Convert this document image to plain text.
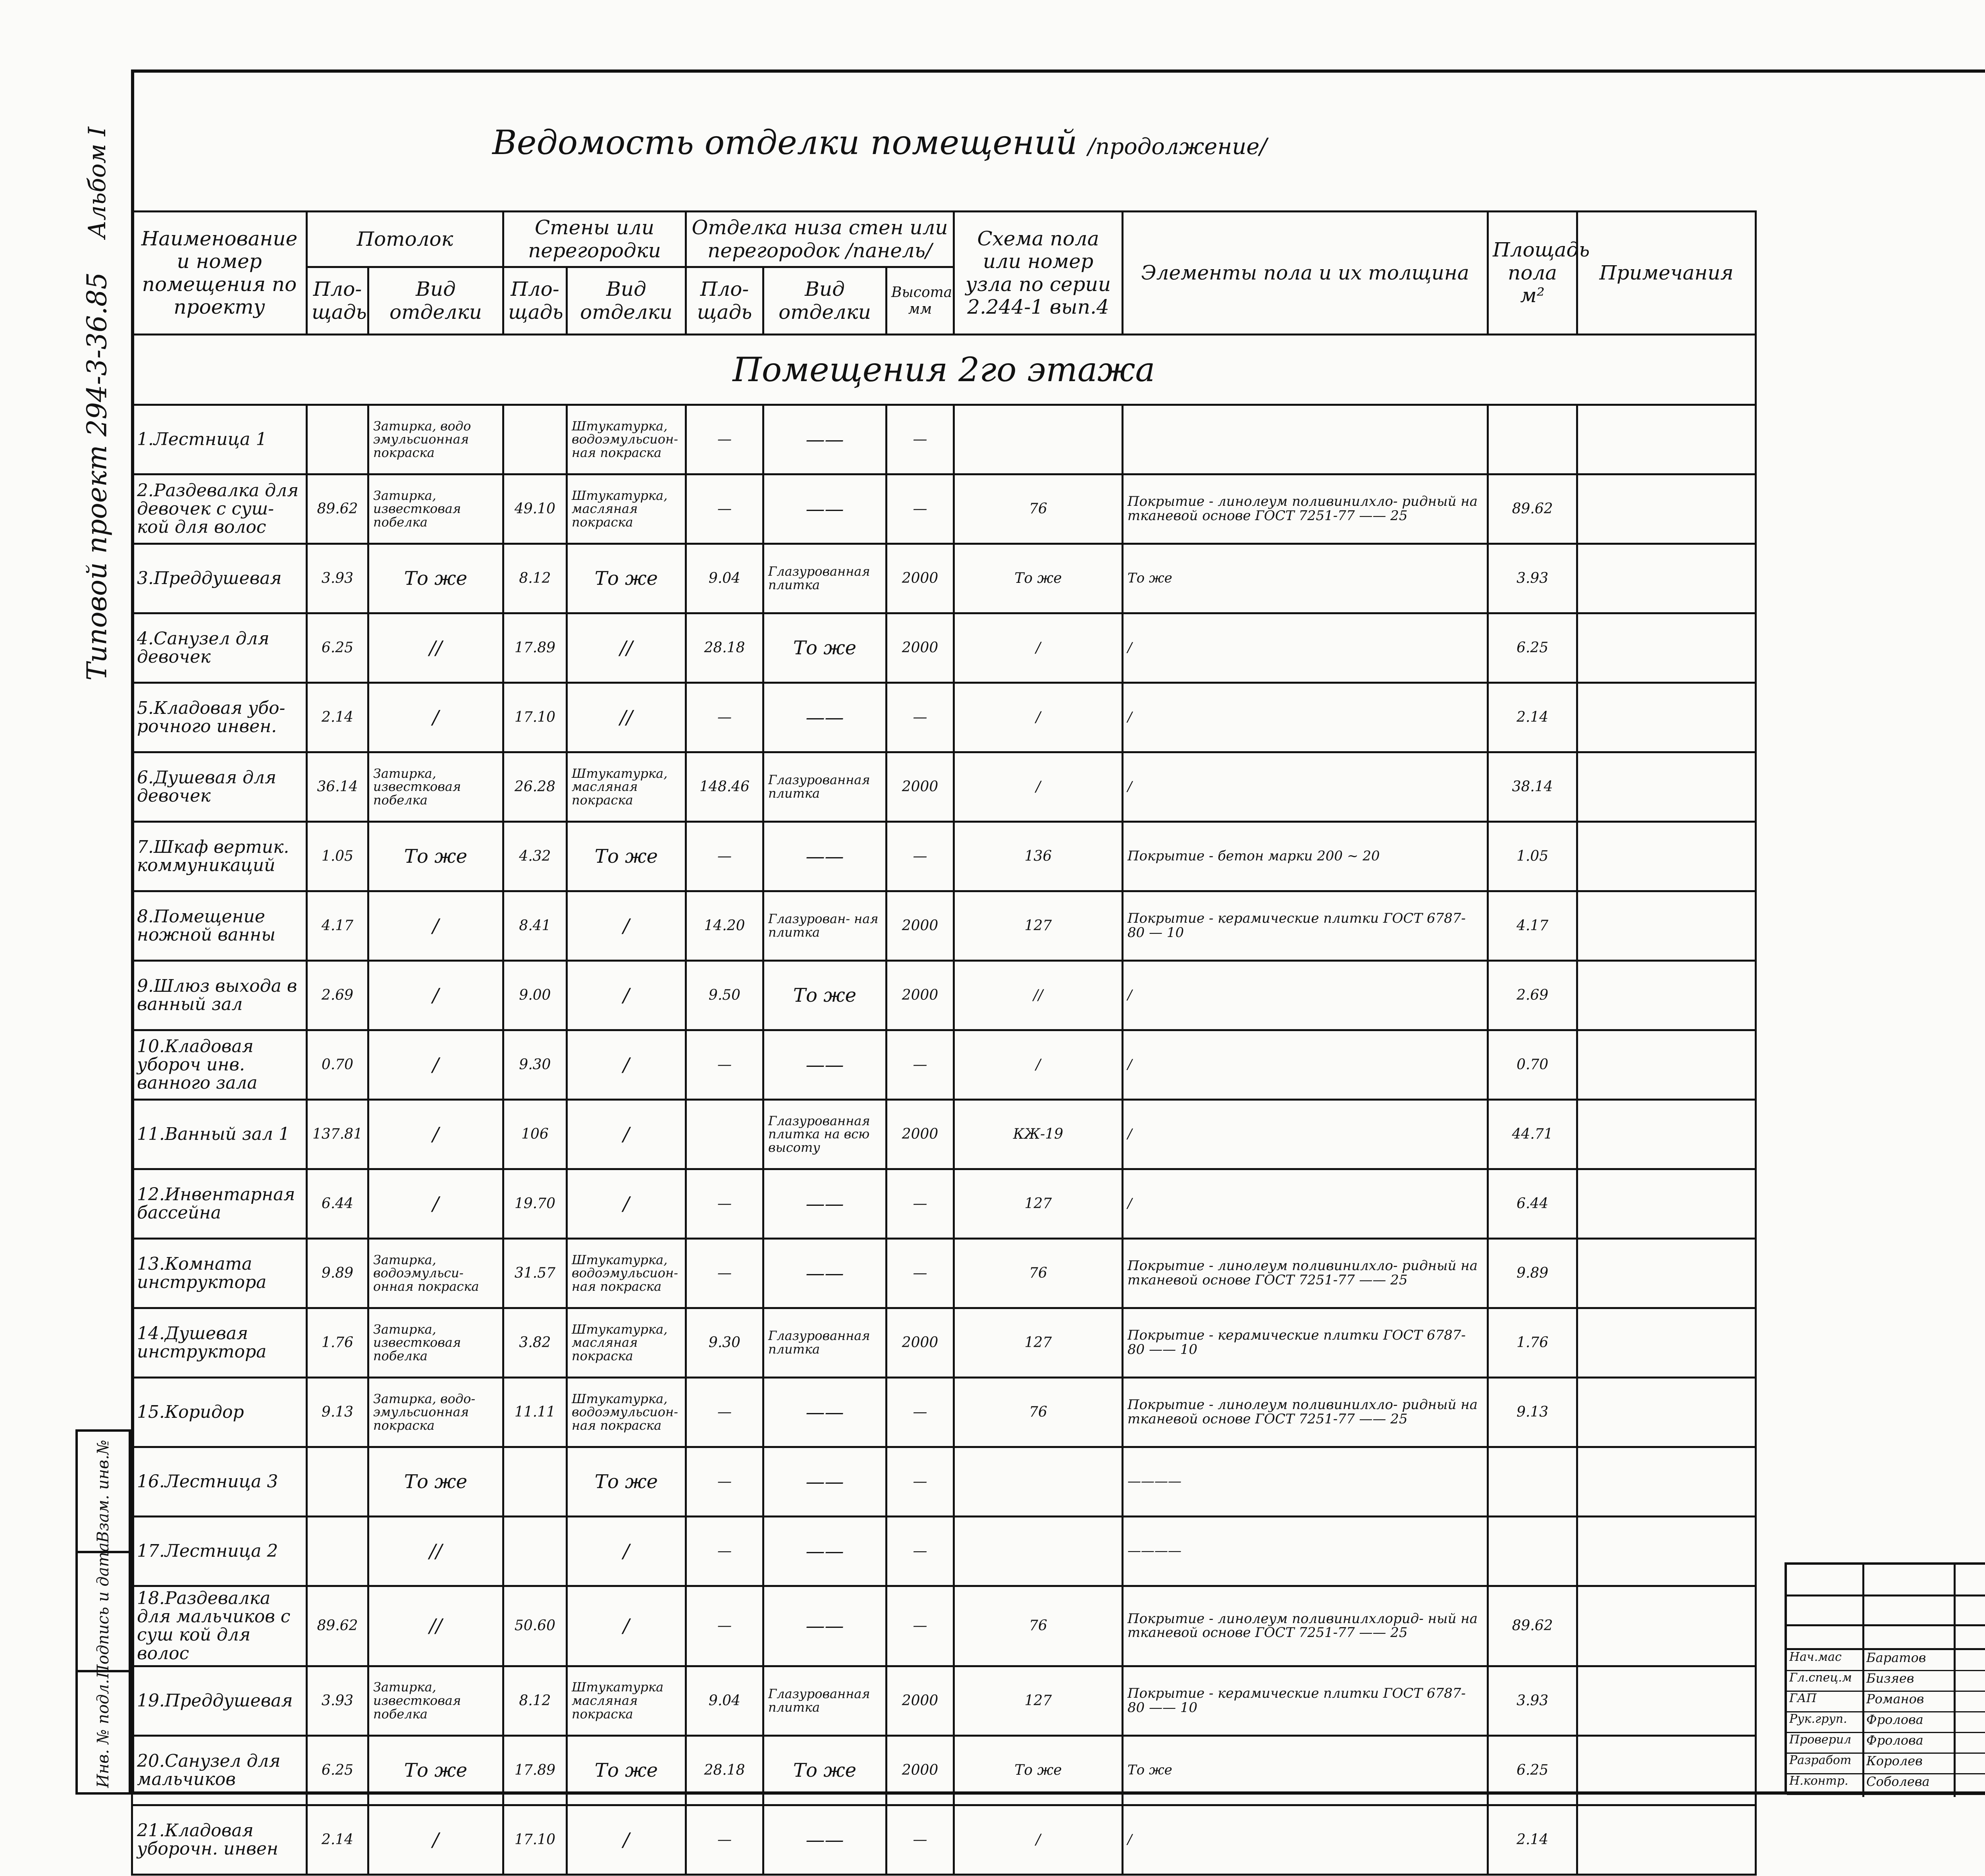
Типовой проект 294-3-36.85
Альбом I
Инв. № подл.
Подпись и дата
Взам. инв.№
Ведомость отделки помещений /продолжение/
Наименование и номер помещения по проекту	Потолок		Стены или перегородки		Отделка низа стен или перегородок /панель/			Схема пола или номер узла по серии 2.244-1 вып.4	Элементы пола и их толщина	Площадь пола м²	Примечания
	Пло- щадь	Вид отделки	Пло- щадь	Вид отделки	Пло- щадь	Вид отделки	Высота мм				
Помещения 2го этажа											
1.Лестница 1		Затирка, водо эмульсионная покраска		Штукатурка, водоэмульсион- ная покраска	—	——	—				
2.Раздевалка для девочек с суш- кой для волос	89.62	Затирка, известковая побелка	49.10	Штукатурка, масляная покраска	—	——	—	76	Покрытие - линолеум поливинилхло- ридный на тканевой основе ГОСТ 7251-77 —— 25	89.62	
3.Преддушевая	3.93	То же	8.12	То же	9.04	Глазурованная плитка	2000	То же	То же	3.93	
4.Санузел для девочек	6.25	//	17.89	//	28.18	То же	2000	/	/	6.25	
5.Кладовая убо- рочного инвен.	2.14	/	17.10	//	—	——	—	/	/	2.14	
6.Душевая для девочек	36.14	Затирка, известковая побелка	26.28	Штукатурка, масляная покраска	148.46	Глазурованная плитка	2000	/	/	38.14	
7.Шкаф вертик. коммуникаций	1.05	То же	4.32	То же	—	——	—	136	Покрытие - бетон марки 200 ~ 20	1.05	
8.Помещение ножной ванны	4.17	/	8.41	/	14.20	Глазурован- ная плитка	2000	127	Покрытие - керамические плитки ГОСТ 6787-80 — 10	4.17	
9.Шлюз выхода в ванный зал	2.69	/	9.00	/	9.50	То же	2000	//	/	2.69	
10.Кладовая убороч инв. ванного зала	0.70	/	9.30	/	—	——	—	/	/	0.70	
11.Ванный зал 1	137.81	/	106	/		Глазурованная плитка на всю высоту	2000	КЖ-19	/	44.71	
12.Инвентарная бассейна	6.44	/	19.70	/	—	——	—	127	/	6.44	
13.Комната инструктора	9.89	Затирка, водоэмульси- онная покраска	31.57	Штукатурка, водоэмульсион- ная покраска	—	——	—	76	Покрытие - линолеум поливинилхло- ридный на тканевой основе ГОСТ 7251-77 —— 25	9.89	
14.Душевая инструктора	1.76	Затирка, известковая побелка	3.82	Штукатурка, масляная покраска	9.30	Глазурованная плитка	2000	127	Покрытие - керамические плитки ГОСТ 6787-80 —— 10	1.76	
15.Коридор	9.13	Затирка, водо- эмульсионная покраска	11.11	Штукатурка, водоэмульсион- ная покраска	—	——	—	76	Покрытие - линолеум поливинилхло- ридный на тканевой основе ГОСТ 7251-77 —— 25	9.13	
16.Лестница 3		То же		То же	—	——	—		————		
17.Лестница 2		//		/	—	——	—		————		
18.Раздевалка для мальчиков с суш кой для волос	89.62	//	50.60	/	—	——	—	76	Покрытие - линолеум поливинилхлорид- ный на тканевой основе ГОСТ 7251-77 —— 25	89.62	
19.Преддушевая	3.93	Затирка, известковая побелка	8.12	Штукатурка масляная покраска	9.04	Глазурованная плитка	2000	127	Покрытие - керамические плитки ГОСТ 6787-80 —— 10	3.93	
20.Санузел для мальчиков	6.25	То же	17.89	То же	28.18	То же	2000	То же	То же	6.25	
21.Кладовая уборочн. инвен	2.14	/	17.10	/	—	——	—	/	/	2.14	
Нач.мас Баратов
Гл.спец.м Бизяев
ГАП	Романов
Рук.груп. Фролова
Проверил Фролова
Разработ Королев
Н.контр. Соболева
